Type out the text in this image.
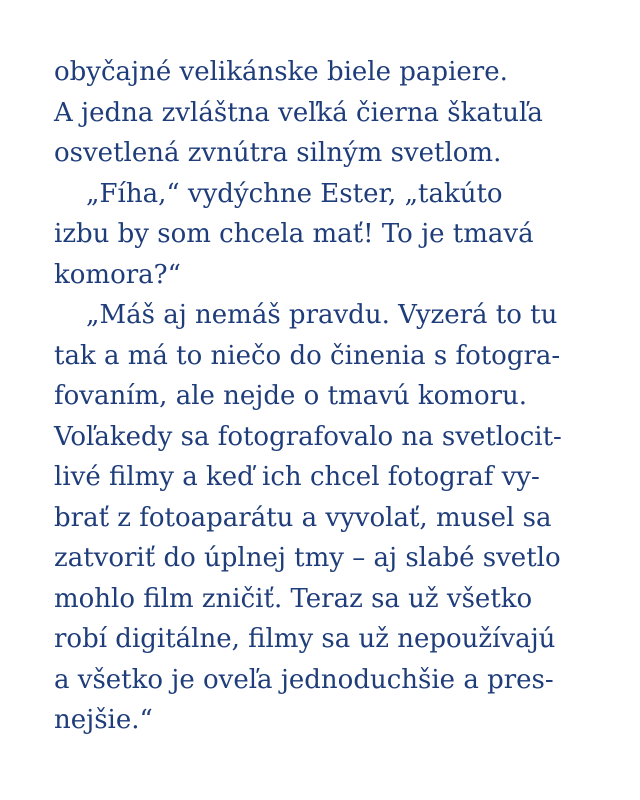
obyčajné velikánske biele papiere.
A jedna zvláštna veľká čierna škatuľa
osvetlená zvnútra silným svetlom.
„Fíha,“ vydýchne Ester, „takúto
izbu by som chcela mať! To je tmavá
komora?“
„Máš aj nemáš pravdu. Vyzerá to tu
tak a má to niečo do činenia s fotogra-
fovaním, ale nejde o tmavú komoru.
Voľakedy sa fotografovalo na svetlocit-
livé filmy a keď ich chcel fotograf vy-
brať z fotoaparátu a vyvolať, musel sa
zatvoriť do úplnej tmy – aj slabé svetlo
mohlo film zničiť. Teraz sa už všetko
robí digitálne, filmy sa už nepoužívajú
a všetko je oveľa jednoduchšie a pres-
nejšie.“
